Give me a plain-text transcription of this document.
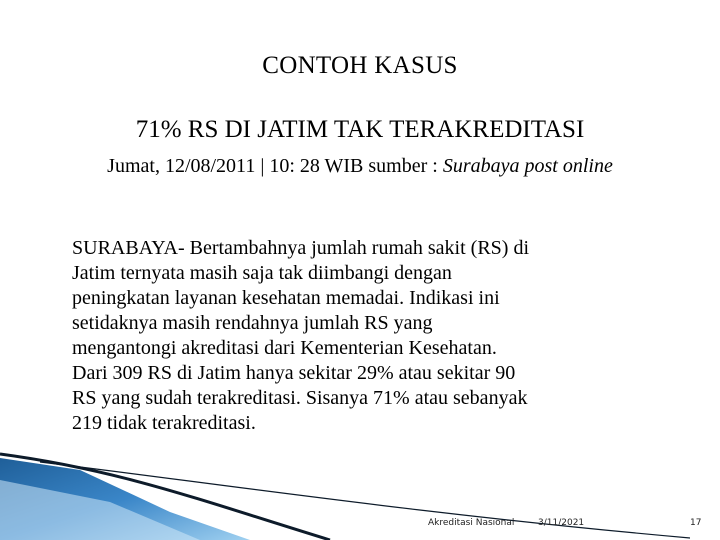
CONTOH KASUS
71% RS DI JATIM TAK TERAKREDITASI
Jumat, 12/08/2011 | 10: 28 WIB sumber : Surabaya post online
SURABAYA- Bertambahnya jumlah rumah sakit (RS) di
Jatim ternyata masih saja tak diimbangi dengan
peningkatan layanan kesehatan memadai. Indikasi ini
setidaknya masih rendahnya jumlah RS yang
mengantongi akreditasi dari Kementerian Kesehatan.
Dari 309 RS di Jatim hanya sekitar 29% atau sekitar 90
RS yang sudah terakreditasi. Sisanya 71% atau sebanyak
219 tidak terakreditasi.
Akreditasi Nasional	3/11/2021	17
